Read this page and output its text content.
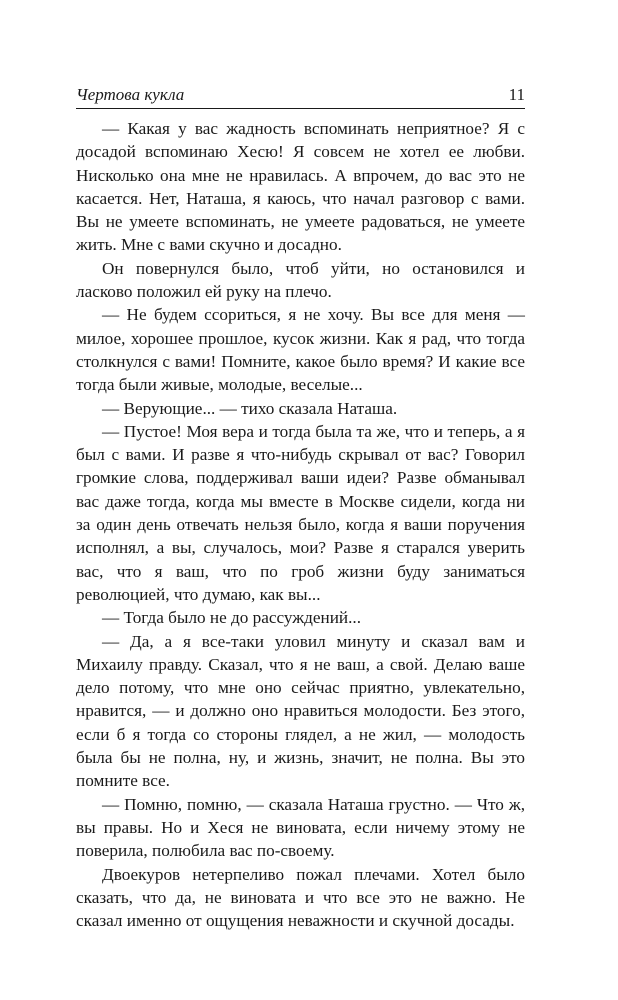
Чертова кукла	11

— Какая у вас жадность вспоминать неприятное? Я с досадой вспоминаю Хесю! Я совсем не хотел ее любви. Нисколько она мне не нравилась. А впрочем, до вас это не касается. Нет, Наташа, я каюсь, что начал разговор с вами. Вы не умеете вспоминать, не умеете радоваться, не умеете жить. Мне с вами скучно и досадно.

Он повернулся было, чтоб уйти, но остановился и ласково положил ей руку на плечо.

— Не будем ссориться, я не хочу. Вы все для меня — милое, хорошее прошлое, кусок жизни. Как я рад, что тогда столкнулся с вами! Помните, какое было время? И какие все тогда были живые, молодые, веселые...

— Верующие... — тихо сказала Наташа.

— Пустое! Моя вера и тогда была та же, что и теперь, а я был с вами. И разве я что-нибудь скрывал от вас? Говорил громкие слова, поддерживал ваши идеи? Разве обманывал вас даже тогда, когда мы вместе в Москве сидели, когда ни за один день отвечать нельзя было, когда я ваши поручения исполнял, а вы, случалось, мои? Разве я старался уверить вас, что я ваш, что по гроб жизни буду заниматься революцией, что думаю, как вы...

— Тогда было не до рассуждений...

— Да, а я все-таки уловил минуту и сказал вам и Михаилу правду. Сказал, что я не ваш, а свой. Делаю ваше дело потому, что мне оно сейчас приятно, увлекательно, нравится, — и должно оно нравиться молодости. Без этого, если б я тогда со стороны глядел, а не жил, — молодость была бы не полна, ну, и жизнь, значит, не полна. Вы это помните все.

— Помню, помню, — сказала Наташа грустно. — Что ж, вы правы. Но и Хеся не виновата, если ничему этому не поверила, полюбила вас по-своему.

Двоекуров нетерпеливо пожал плечами. Хотел было сказать, что да, не виновата и что все это не важно. Не сказал именно от ощущения неважности и скучной досады.
